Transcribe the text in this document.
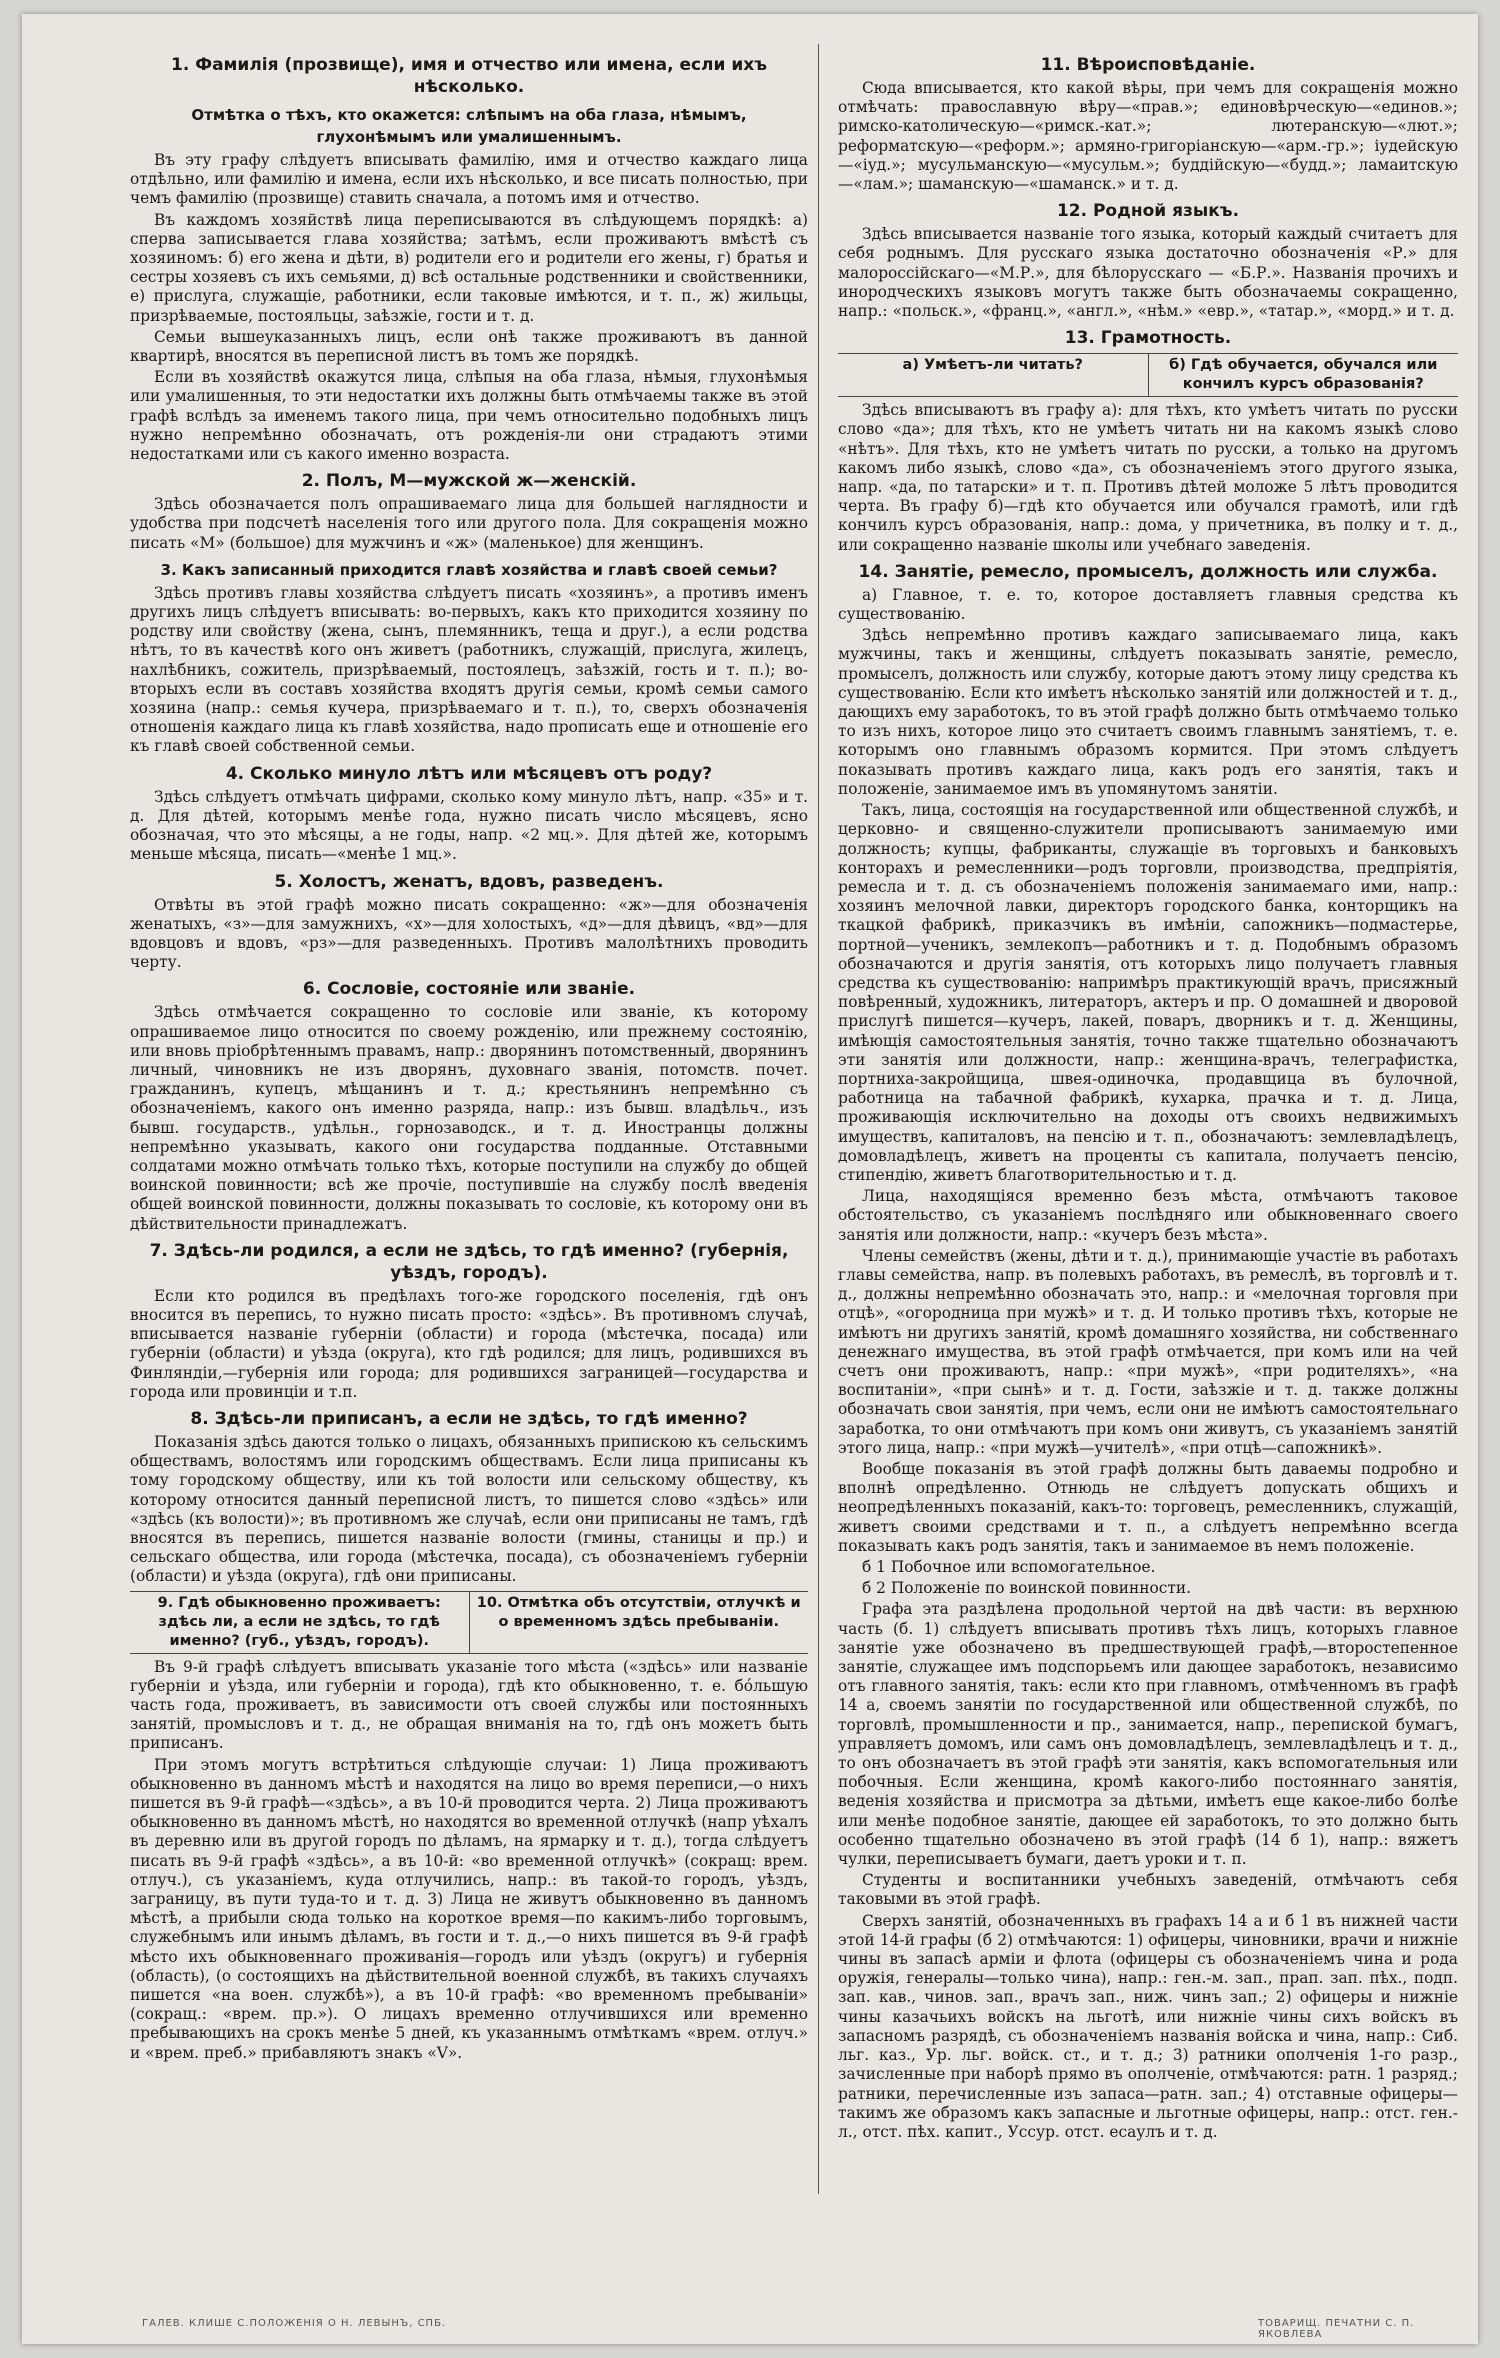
1. Фамилія (прозвище), имя и отчество или имена, если ихъ нѣсколько.
Отмѣтка о тѣхъ, кто окажется: слѣпымъ на оба глаза, нѣмымъ, глухонѣмымъ или умалишеннымъ.

Въ эту графу слѣдуетъ вписывать фамилію, имя и отчество каждаго лица отдѣльно, или фамилію и имена, если ихъ нѣсколько, и все писать полностью, при чемъ фамилію (прозвище) ставить сначала, а потомъ имя и отчество.

Въ каждомъ хозяйствѣ лица переписываются въ слѣдующемъ порядкѣ: а) сперва записывается глава хозяйства; затѣмъ, если проживаютъ вмѣстѣ съ хозяиномъ: б) его жена и дѣти, в) родители его и родители его жены, г) братья и сестры хозяевъ съ ихъ семьями, д) всѣ остальные родственники и свойственники, е) прислуга, служащіе, работники, если таковые имѣются, и т. п., ж) жильцы, призрѣваемые, постояльцы, заѣзжіе, гости и т. д.

Семьи вышеуказанныхъ лицъ, если онѣ также проживаютъ въ данной квартирѣ, вносятся въ переписной листъ въ томъ же порядкѣ.

Если въ хозяйствѣ окажутся лица, слѣпыя на оба глаза, нѣмыя, глухонѣмыя или умалишенныя, то эти недостатки ихъ должны быть отмѣчаемы также въ этой графѣ вслѣдъ за именемъ такого лица, при чемъ относительно подобныхъ лицъ нужно непремѣнно обозначать, отъ рожденія-ли они страдаютъ этими недостатками или съ какого именно возраста.

2. Полъ, М—мужской ж—женскій.

Здѣсь обозначается полъ опрашиваемаго лица для большей наглядности и удобства при подсчетѣ населенія того или другого пола. Для сокращенія можно писать «М» (большое) для мужчинъ и «ж» (маленькое) для женщинъ.

3. Какъ записанный приходится главѣ хозяйства и главѣ своей семьи?

Здѣсь противъ главы хозяйства слѣдуетъ писать «хозяинъ», а противъ именъ другихъ лицъ слѣдуетъ вписывать: во-первыхъ, какъ кто приходится хозяину по родству или свойству (жена, сынъ, племянникъ, теща и друг.), а если родства нѣтъ, то въ качествѣ кого онъ живетъ (работникъ, служащій, прислуга, жилецъ, нахлѣбникъ, сожитель, призрѣваемый, постоялецъ, заѣзжій, гость и т. п.); во-вторыхъ если въ составъ хозяйства входятъ другія семьи, кромѣ семьи самого хозяина (напр.: семья кучера, призрѣваемаго и т. п.), то, сверхъ обозначенія отношенія каждаго лица къ главѣ хозяйства, надо прописать еще и отношеніе его къ главѣ своей собственной семьи.

4. Сколько минуло лѣтъ или мѣсяцевъ отъ роду?

Здѣсь слѣдуетъ отмѣчать цифрами, сколько кому минуло лѣтъ, напр. «35» и т. д. Для дѣтей, которымъ менѣе года, нужно писать число мѣсяцевъ, ясно обозначая, что это мѣсяцы, а не годы, напр. «2 мц.». Для дѣтей же, которымъ меньше мѣсяца, писать—«менѣе 1 мц.».

5. Холостъ, женатъ, вдовъ, разведенъ.

Отвѣты въ этой графѣ можно писать сокращенно: «ж»—для обозначенія женатыхъ, «з»—для замужнихъ, «х»—для холостыхъ, «д»—для дѣвицъ, «вд»—для вдовцовъ и вдовъ, «рз»—для разведенныхъ. Противъ малолѣтнихъ проводить черту.

6. Сословіе, состояніе или званіе.

Здѣсь отмѣчается сокращенно то сословіе или званіе, къ которому опрашиваемое лицо относится по своему рожденію, или прежнему состоянію, или вновь пріобрѣтеннымъ правамъ, напр.: дворянинъ потомственный, дворянинъ личный, чиновникъ не изъ дворянъ, духовнаго званія, потомств. почет. гражданинъ, купецъ, мѣщанинъ и т. д.; крестьянинъ непремѣнно съ обозначеніемъ, какого онъ именно разряда, напр.: изъ бывш. владѣльч., изъ бывш. государств., удѣльн., горнозаводск., и т. д. Иностранцы должны непремѣнно указывать, какого они государства подданные. Отставными солдатами можно отмѣчать только тѣхъ, которые поступили на службу до общей воинской повинности; всѣ же прочіе, поступившіе на службу послѣ введенія общей воинской повинности, должны показывать то сословіе, къ которому они въ дѣйствительности принадлежатъ.

7. Здѣсь-ли родился, а если не здѣсь, то гдѣ именно? (губернія, уѣздъ, городъ).

Если кто родился въ предѣлахъ того-же городского поселенія, гдѣ онъ вносится въ перепись, то нужно писать просто: «здѣсь». Въ противномъ случаѣ, вписывается названіе губерніи (области) и города (мѣстечка, посада) или губерніи (области) и уѣзда (округа), кто гдѣ родился; для лицъ, родившихся въ Финляндіи,—губернія или города; для родившихся заграницей—государства и города или провинціи и т.п.

8. Здѣсь-ли приписанъ, а если не здѣсь, то гдѣ именно?

Показанія здѣсь даются только о лицахъ, обязанныхъ припискою къ сельскимъ обществамъ, волостямъ или городскимъ обществамъ. Если лица приписаны къ тому городскому обществу, или къ той волости или сельскому обществу, къ которому относится данный переписной листъ, то пишется слово «здѣсь» или «здѣсь (къ волости)»; въ противномъ же случаѣ, если они приписаны не тамъ, гдѣ вносятся въ перепись, пишется названіе волости (гмины, станицы и пр.) и сельскаго общества, или города (мѣстечка, посада), съ обозначеніемъ губерніи (области) и уѣзда (округа), гдѣ они приписаны.

9. Гдѣ обыкновенно проживаетъ: здѣсь ли, а если не здѣсь, то гдѣ именно? (губ., уѣздъ, городъ).
10. Отмѣтка объ отсутствіи, отлучкѣ и о временномъ здѣсь пребываніи.

Въ 9-й графѣ слѣдуетъ вписывать указаніе того мѣста («здѣсь» или названіе губерніи и уѣзда, или губерніи и города), гдѣ кто обыкновенно, т. е. бо́льшую часть года, проживаетъ, въ зависимости отъ своей службы или постоянныхъ занятій, промысловъ и т. д., не обращая вниманія на то, гдѣ онъ можетъ быть приписанъ.

При этомъ могутъ встрѣтиться слѣдующіе случаи: 1) Лица проживаютъ обыкновенно въ данномъ мѣстѣ и находятся на лицо во время переписи,—о нихъ пишется въ 9-й графѣ—«здѣсь», а въ 10-й проводится черта. 2) Лица проживаютъ обыкновенно въ данномъ мѣстѣ, но находятся во временной отлучкѣ (напр уѣхалъ въ деревню или въ другой городъ по дѣламъ, на ярмарку и т. д.), тогда слѣдуетъ писать въ 9-й графѣ «здѣсь», а въ 10-й: «во временной отлучкѣ» (сокращ: врем. отлуч.), съ указаніемъ, куда отлучились, напр.: въ такой-то городъ, уѣздъ, заграницу, въ пути туда-то и т. д. 3) Лица не живутъ обыкновенно въ данномъ мѣстѣ, а прибыли сюда только на короткое время—по какимъ-либо торговымъ, служебнымъ или инымъ дѣламъ, въ гости и т. д.,—о нихъ пишется въ 9-й графѣ мѣсто ихъ обыкновеннаго проживанія—городъ или уѣздъ (округъ) и губернія (область), (о состоящихъ на дѣйствительной военной службѣ, въ такихъ случаяхъ пишется «на воен. службѣ»), а въ 10-й графѣ: «во временномъ пребываніи» (сокращ.: «врем. пр.»). О лицахъ временно отлучившихся или временно пребывающихъ на срокъ менѣе 5 дней, къ указаннымъ отмѣткамъ «врем. отлуч.» и «врем. преб.» прибавляютъ знакъ «V».

11. Вѣроисповѣданіе.

Сюда вписывается, кто какой вѣры, при чемъ для сокращенія можно отмѣчать: православную вѣру—«прав.»; единовѣрческую—«единов.»; римско-католическую—«римск.-кат.»; лютеранскую—«лют.»; реформатскую—«реформ.»; армяно-григоріанскую—«арм.-гр.»; іудейскую—«іуд.»; мусульманскую—«мусульм.»; буддійскую—«будд.»; ламаитскую—«лам.»; шаманскую—«шаманск.» и т. д.

12. Родной языкъ.

Здѣсь вписывается названіе того языка, который каждый считаетъ для себя роднымъ. Для русскаго языка достаточно обозначенія «Р.» для малороссійскаго—«М.Р.», для бѣлорусскаго — «Б.Р.». Названія прочихъ и инородческихъ языковъ могутъ также быть обозначаемы сокращенно, напр.: «польск.», «франц.», «англ.», «нѣм.» «евр.», «татар.», «морд.» и т. д.

13. Грамотность.
а) Умѣетъ-ли читать?	б) Гдѣ обучается, обучался или кончилъ курсъ образованія?

Здѣсь вписываютъ въ графу а): для тѣхъ, кто умѣетъ читать по русски слово «да»; для тѣхъ, кто не умѣетъ читать ни на какомъ языкѣ слово «нѣтъ». Для тѣхъ, кто не умѣетъ читать по русски, а только на другомъ какомъ либо языкѣ, слово «да», съ обозначеніемъ этого другого языка, напр. «да, по татарски» и т. п. Противъ дѣтей моложе 5 лѣтъ проводится черта. Въ графу б)—гдѣ кто обучается или обучался грамотѣ, или гдѣ кончилъ курсъ образованія, напр.: дома, у причетника, въ полку и т. д., или сокращенно названіе школы или учебнаго заведенія.

14. Занятіе, ремесло, промыселъ, должность или служба.

а) Главное, т. е. то, которое доставляетъ главныя средства къ существованію.

Здѣсь непремѣнно противъ каждаго записываемаго лица, какъ мужчины, такъ и женщины, слѣдуетъ показывать занятіе, ремесло, промыселъ, должность или службу, которые даютъ этому лицу средства къ существованію. Если кто имѣетъ нѣсколько занятій или должностей и т. д., дающихъ ему заработокъ, то въ этой графѣ должно быть отмѣчаемо только то изъ нихъ, которое лицо это считаетъ своимъ главнымъ занятіемъ, т. е. которымъ оно главнымъ образомъ кормится. При этомъ слѣдуетъ показывать противъ каждаго лица, какъ родъ его занятія, такъ и положеніе, занимаемое имъ въ упомянутомъ занятіи.

Такъ, лица, состоящія на государственной или общественной службѣ, и церковно- и священно-служители прописываютъ занимаемую ими должность; купцы, фабриканты, служащіе въ торговыхъ и банковыхъ конторахъ и ремесленники—родъ торговли, производства, предпріятія, ремесла и т. д. съ обозначеніемъ положенія занимаемаго ими, напр.: хозяинъ мелочной лавки, директоръ городского банка, конторщикъ на ткацкой фабрикѣ, приказчикъ въ имѣніи, сапожникъ—подмастерье, портной—ученикъ, землекопъ—работникъ и т. д. Подобнымъ образомъ обозначаются и другія занятія, отъ которыхъ лицо получаетъ главныя средства къ существованію: напримѣръ практикующій врачъ, присяжный повѣренный, художникъ, литераторъ, актеръ и пр. О домашней и дворовой прислугѣ пишется—кучеръ, лакей, поваръ, дворникъ и т. д. Женщины, имѣющія самостоятельныя занятія, точно также тщательно обозначаютъ эти занятія или должности, напр.: женщина-врачъ, телеграфистка, портниха-закройщица, швея-одиночка, продавщица въ булочной, работница на табачной фабрикѣ, кухарка, прачка и т. д. Лица, проживающія исключительно на доходы отъ своихъ недвижимыхъ имуществъ, капиталовъ, на пенсію и т. п., обозначаютъ: землевладѣлецъ, домовладѣлецъ, живетъ на проценты съ капитала, получаетъ пенсію, стипендію, живетъ благотворительностью и т. д.

Лица, находящіяся временно безъ мѣста, отмѣчаютъ таковое обстоятельство, съ указаніемъ послѣдняго или обыкновеннаго своего занятія или должности, напр.: «кучеръ безъ мѣста».

Члены семействъ (жены, дѣти и т. д.), принимающіе участіе въ работахъ главы семейства, напр. въ полевыхъ работахъ, въ ремеслѣ, въ торговлѣ и т. д., должны непремѣнно обозначать это, напр.: и «мелочная торговля при отцѣ», «огородница при мужѣ» и т. д. И только противъ тѣхъ, которые не имѣютъ ни другихъ занятій, кромѣ домашняго хозяйства, ни собственнаго денежнаго имущества, въ этой графѣ отмѣчается, при комъ или на чей счетъ они проживаютъ, напр.: «при мужѣ», «при родителяхъ», «на воспитаніи», «при сынѣ» и т. д. Гости, заѣзжіе и т. д. также должны обозначать свои занятія, при чемъ, если они не имѣютъ самостоятельнаго заработка, то они отмѣчаютъ при комъ они живутъ, съ указаніемъ занятій этого лица, напр.: «при мужѣ—учителѣ», «при отцѣ—сапожникѣ».

Вообще показанія въ этой графѣ должны быть даваемы подробно и вполнѣ опредѣленно. Отнюдь не слѣдуетъ допускать общихъ и неопредѣленныхъ показаній, какъ-то: торговецъ, ремесленникъ, служащій, живетъ своими средствами и т. п., а слѣдуетъ непремѣнно всегда показывать какъ родъ занятія, такъ и занимаемое въ немъ положеніе.

б 1 Побочное или вспомогательное.

б 2 Положеніе по воинской повинности.

Графа эта раздѣлена продольной чертой на двѣ части: въ верхнюю часть (б. 1) слѣдуетъ вписывать противъ тѣхъ лицъ, которыхъ главное занятіе уже обозначено въ предшествующей графѣ,—второстепенное занятіе, служащее имъ подспорьемъ или дающее заработокъ, независимо отъ главного занятія, такъ: если кто при главномъ, отмѣченномъ въ графѣ 14 а, своемъ занятіи по государственной или общественной службѣ, по торговлѣ, промышленности и пр., занимается, напр., перепиской бумагъ, управляетъ домомъ, или самъ онъ домовладѣлецъ, землевладѣлецъ и т. д., то онъ обозначаетъ въ этой графѣ эти занятія, какъ вспомогательныя или побочныя. Если женщина, кромѣ какого-либо постояннаго занятія, веденія хозяйства и присмотра за дѣтьми, имѣетъ еще какое-либо болѣе или менѣе подобное занятіе, дающее ей заработокъ, то это должно быть особенно тщательно обозначено въ этой графѣ (14 б 1), напр.: вяжетъ чулки, переписываетъ бумаги, даетъ уроки и т. п.

Студенты и воспитанники учебныхъ заведеній, отмѣчаютъ себя таковыми въ этой графѣ.

Сверхъ занятій, обозначенныхъ въ графахъ 14 а и б 1 въ нижней части этой 14-й графы (б 2) отмѣчаются: 1) офицеры, чиновники, врачи и нижніе чины въ запасѣ арміи и флота (офицеры съ обозначеніемъ чина и рода оружія, генералы—только чина), напр.: ген.-м. зап., прап. зап. пѣх., подп. зап. кав., чинов. зап., врачъ зап., ниж. чинъ зап.; 2) офицеры и нижніе чины казачьихъ войскъ на льготѣ, или нижніе чины сихъ войскъ въ запасномъ разрядѣ, съ обозначеніемъ названія войска и чина, напр.: Сиб. льг. каз., Ур. льг. войск. ст., и т. д.; 3) ратники ополченія 1-го разр., зачисленные при наборѣ прямо въ ополченіе, отмѣчаются: ратн. 1 разряд.; ратники, перечисленные изъ запаса—ратн. зап.; 4) отставные офицеры—такимъ же образомъ какъ запасные и льготные офицеры, напр.: отст. ген.-л., отст. пѣх. капит., Уссур. отст. есаулъ и т. д.

ГАЛЕВ. КЛИШЕ С.ПОЛОЖЕНІЯ О Н. ЛЕВЫНЪ, СПБ.	ТОВАРИЩ. ПЕЧАТНИ С. П. ЯКОВЛЕВА
